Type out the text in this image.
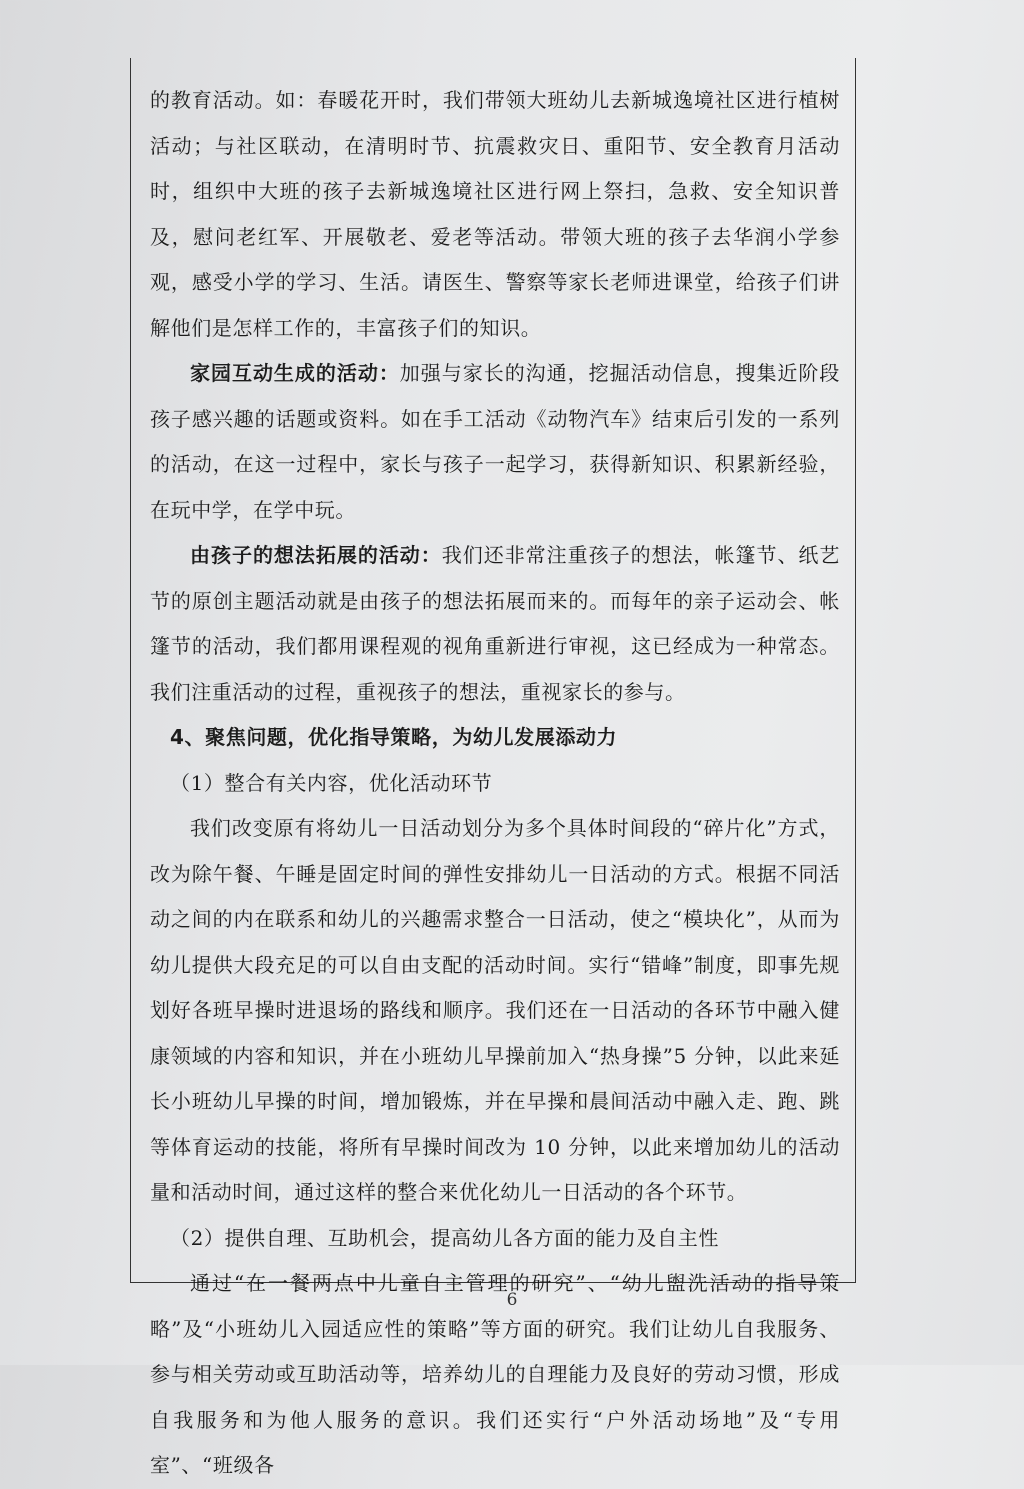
的教育活动。如：春暖花开时，我们带领大班幼儿去新城逸境社区进行植树活动；与社区联动，在清明时节、抗震救灾日、重阳节、安全教育月活动时，组织中大班的孩子去新城逸境社区进行网上祭扫，急救、安全知识普及，慰问老红军、开展敬老、爱老等活动。带领大班的孩子去华润小学参观，感受小学的学习、生活。请医生、警察等家长老师进课堂，给孩子们讲解他们是怎样工作的，丰富孩子们的知识。

家园互动生成的活动：加强与家长的沟通，挖掘活动信息，搜集近阶段孩子感兴趣的话题或资料。如在手工活动《动物汽车》结束后引发的一系列的活动，在这一过程中，家长与孩子一起学习，获得新知识、积累新经验，在玩中学，在学中玩。

由孩子的想法拓展的活动：我们还非常注重孩子的想法，帐篷节、纸艺节的原创主题活动就是由孩子的想法拓展而来的。而每年的亲子运动会、帐篷节的活动，我们都用课程观的视角重新进行审视，这已经成为一种常态。我们注重活动的过程，重视孩子的想法，重视家长的参与。

4、聚焦问题，优化指导策略，为幼儿发展添动力

（1）整合有关内容，优化活动环节

我们改变原有将幼儿一日活动划分为多个具体时间段的“碎片化”方式，改为除午餐、午睡是固定时间的弹性安排幼儿一日活动的方式。根据不同活动之间的内在联系和幼儿的兴趣需求整合一日活动，使之“模块化”，从而为幼儿提供大段充足的可以自由支配的活动时间。实行“错峰”制度，即事先规划好各班早操时进退场的路线和顺序。我们还在一日活动的各环节中融入健康领域的内容和知识，并在小班幼儿早操前加入“热身操”5 分钟，以此来延长小班幼儿早操的时间，增加锻炼，并在早操和晨间活动中融入走、跑、跳等体育运动的技能，将所有早操时间改为 10 分钟，以此来增加幼儿的活动量和活动时间，通过这样的整合来优化幼儿一日活动的各个环节。

（2）提供自理、互助机会，提高幼儿各方面的能力及自主性

通过“在一餐两点中儿童自主管理的研究”、“幼儿盥洗活动的指导策略”及“小班幼儿入园适应性的策略”等方面的研究。我们让幼儿自我服务、参与相关劳动或互助活动等，培养幼儿的自理能力及良好的劳动习惯，形成自我服务和为他人服务的意识。我们还实行“户外活动场地”及“专用室”、“班级各

6
